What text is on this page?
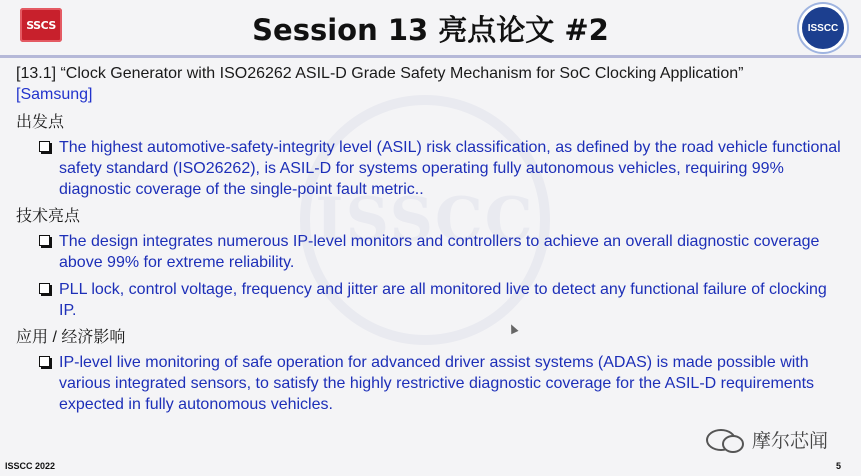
ISSCC
SSCS	Session 13 亮点论文 #2	ISSCC
[13.1] “Clock Generator with ISO26262 ASIL-D Grade Safety Mechanism for SoC Clocking Application”
[Samsung]
出发点
The highest automotive-safety-integrity level (ASIL) risk classification, as defined by the road vehicle functional safety standard (ISO26262), is ASIL-D for systems operating fully autonomous vehicles, requiring 99% diagnostic coverage of the single-point fault metric..
技术亮点
The design integrates numerous IP-level monitors and controllers to achieve an overall diagnostic coverage above 99% for extreme reliability.
PLL lock, control voltage, frequency and jitter are all monitored live to detect any functional failure of clocking IP.
应用 / 经济影响
IP-level live monitoring of safe operation for advanced driver assist systems (ADAS) is made possible with various integrated sensors, to satisfy the highly restrictive diagnostic coverage for the ASIL-D requirements expected in fully autonomous vehicles.
摩尔芯闻
ISSCC 2022	5
